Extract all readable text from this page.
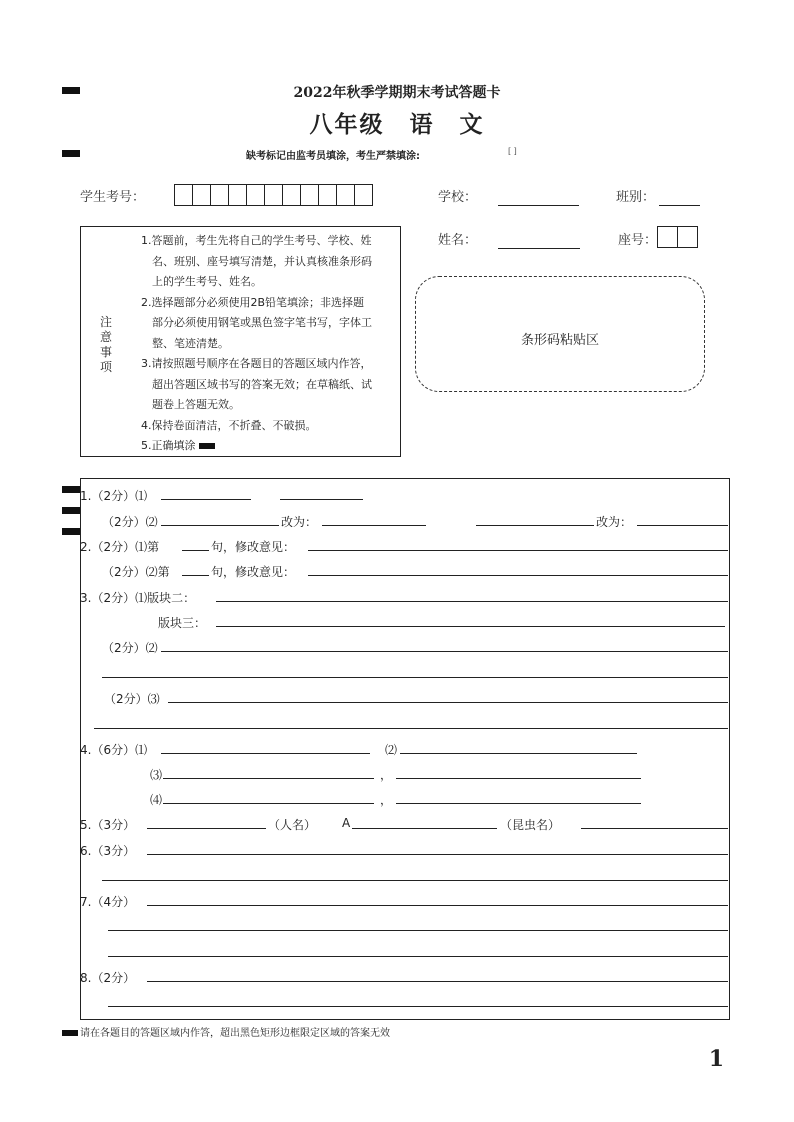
2022年秋季学期期末考试答题卡
八年级　语　文
缺考标记由监考员填涂，考生严禁填涂:	[ ]
学生考号：	学校：	班别：
姓名：	座号：
注意事项
1.答题前，考生先将自己的学生考号、学校、姓
名、班别、座号填写清楚，并认真核准条形码
上的学生考号、姓名。
2.选择题部分必须使用2B铅笔填涂；非选择题
部分必须使用钢笔或黑色签字笔书写，字体工
整、笔迹清楚。
3.请按照题号顺序在各题目的答题区域内作答，
超出答题区域书写的答案无效；在草稿纸、试
题卷上答题无效。
4.保持卷面清洁，不折叠、不破损。
5.正确填涂
条形码粘贴区
1.（2分）⑴
（2分）⑵	改为：	改为：
2.（2分）⑴第	句，修改意见：
（2分）⑵第	句，修改意见：
3.（2分）⑴版块二：
版块三：
（2分）⑵
（2分）⑶
4.（6分）⑴	⑵
⑶	，
⑷	，
5.（3分）	（人名） A	（昆虫名）
6.（3分）
7.（4分）
8.（2分）
请在各题目的答题区域内作答，超出黑色矩形边框限定区域的答案无效
1
